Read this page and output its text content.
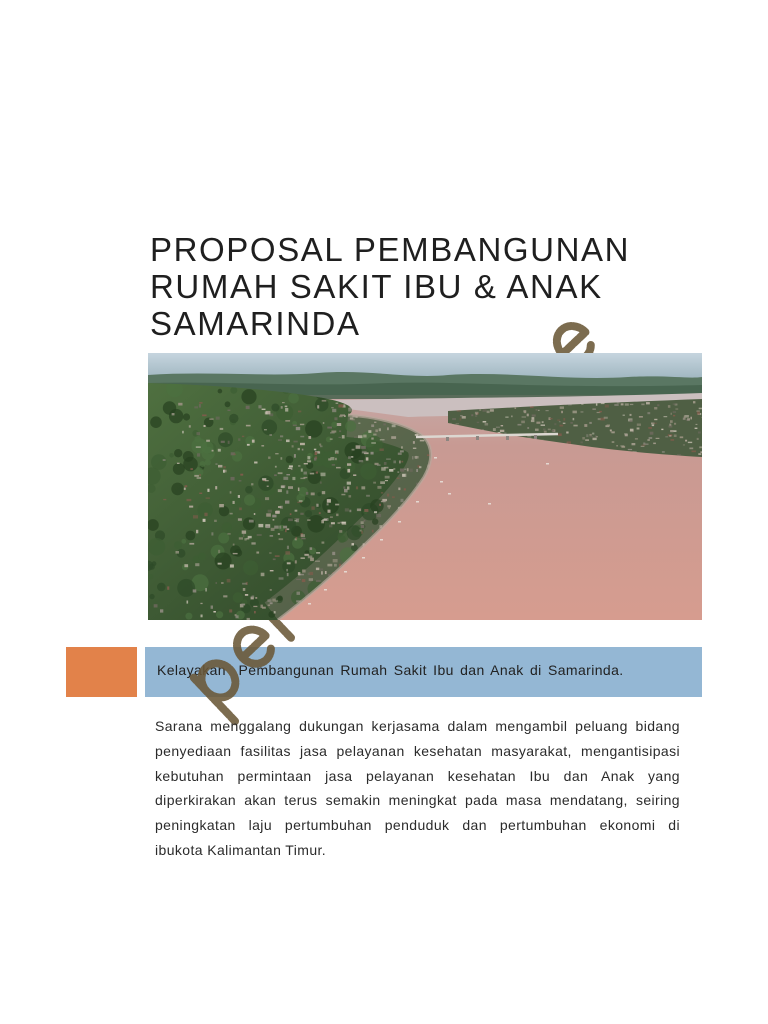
PROPOSAL PEMBANGUNAN
RUMAH SAKIT IBU & ANAK
SAMARINDA
Kelayakan  Pembangunan Rumah Sakit Ibu dan Anak di Samarinda.
Sarana menggalang dukungan kerjasama dalam mengambil peluang bidang
penyediaan fasilitas jasa pelayanan kesehatan masyarakat, mengantisipasi
kebutuhan permintaan jasa pelayanan kesehatan Ibu dan Anak yang
diperkirakan akan terus semakin meningkat pada masa mendatang, seiring
peningkatan laju pertumbuhan penduduk dan pertumbuhan ekonomi di
ibukota Kalimantan Timur.
